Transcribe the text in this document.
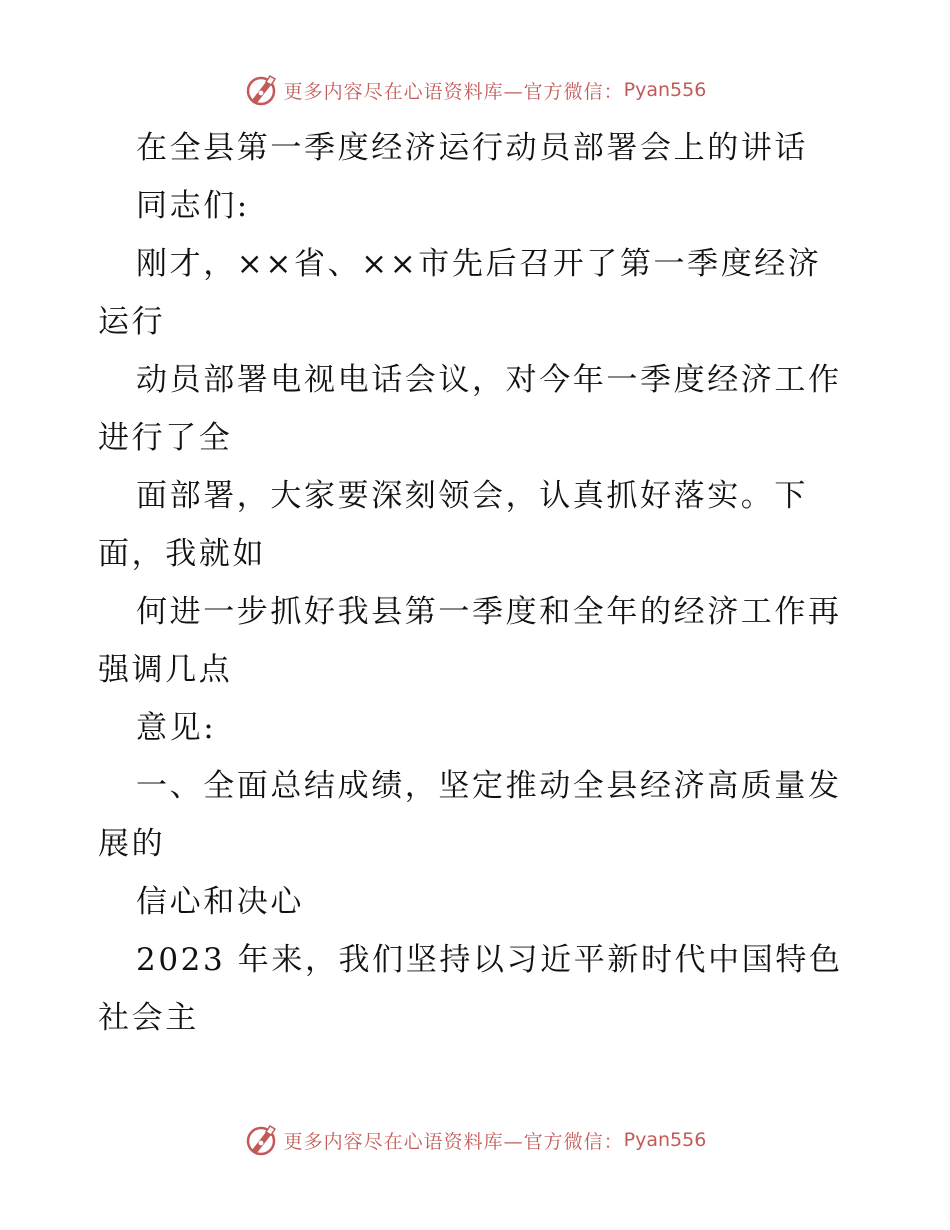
更多内容尽在心语资料库—官方微信： Pyan556
在全县第一季度经济运行动员部署会上的讲话
同志们:
刚才，××省、××市先后召开了第一季度经济
运行
动员部署电视电话会议，对今年一季度经济工作
进行了全
面部署，大家要深刻领会，认真抓好落实。下
面，我就如
何进一步抓好我县第一季度和全年的经济工作再
强调几点
意见:
一、全面总结成绩，坚定推动全县经济高质量发
展的
信心和决心
2023 年来，我们坚持以习近平新时代中国特色
社会主
更多内容尽在心语资料库—官方微信： Pyan556
